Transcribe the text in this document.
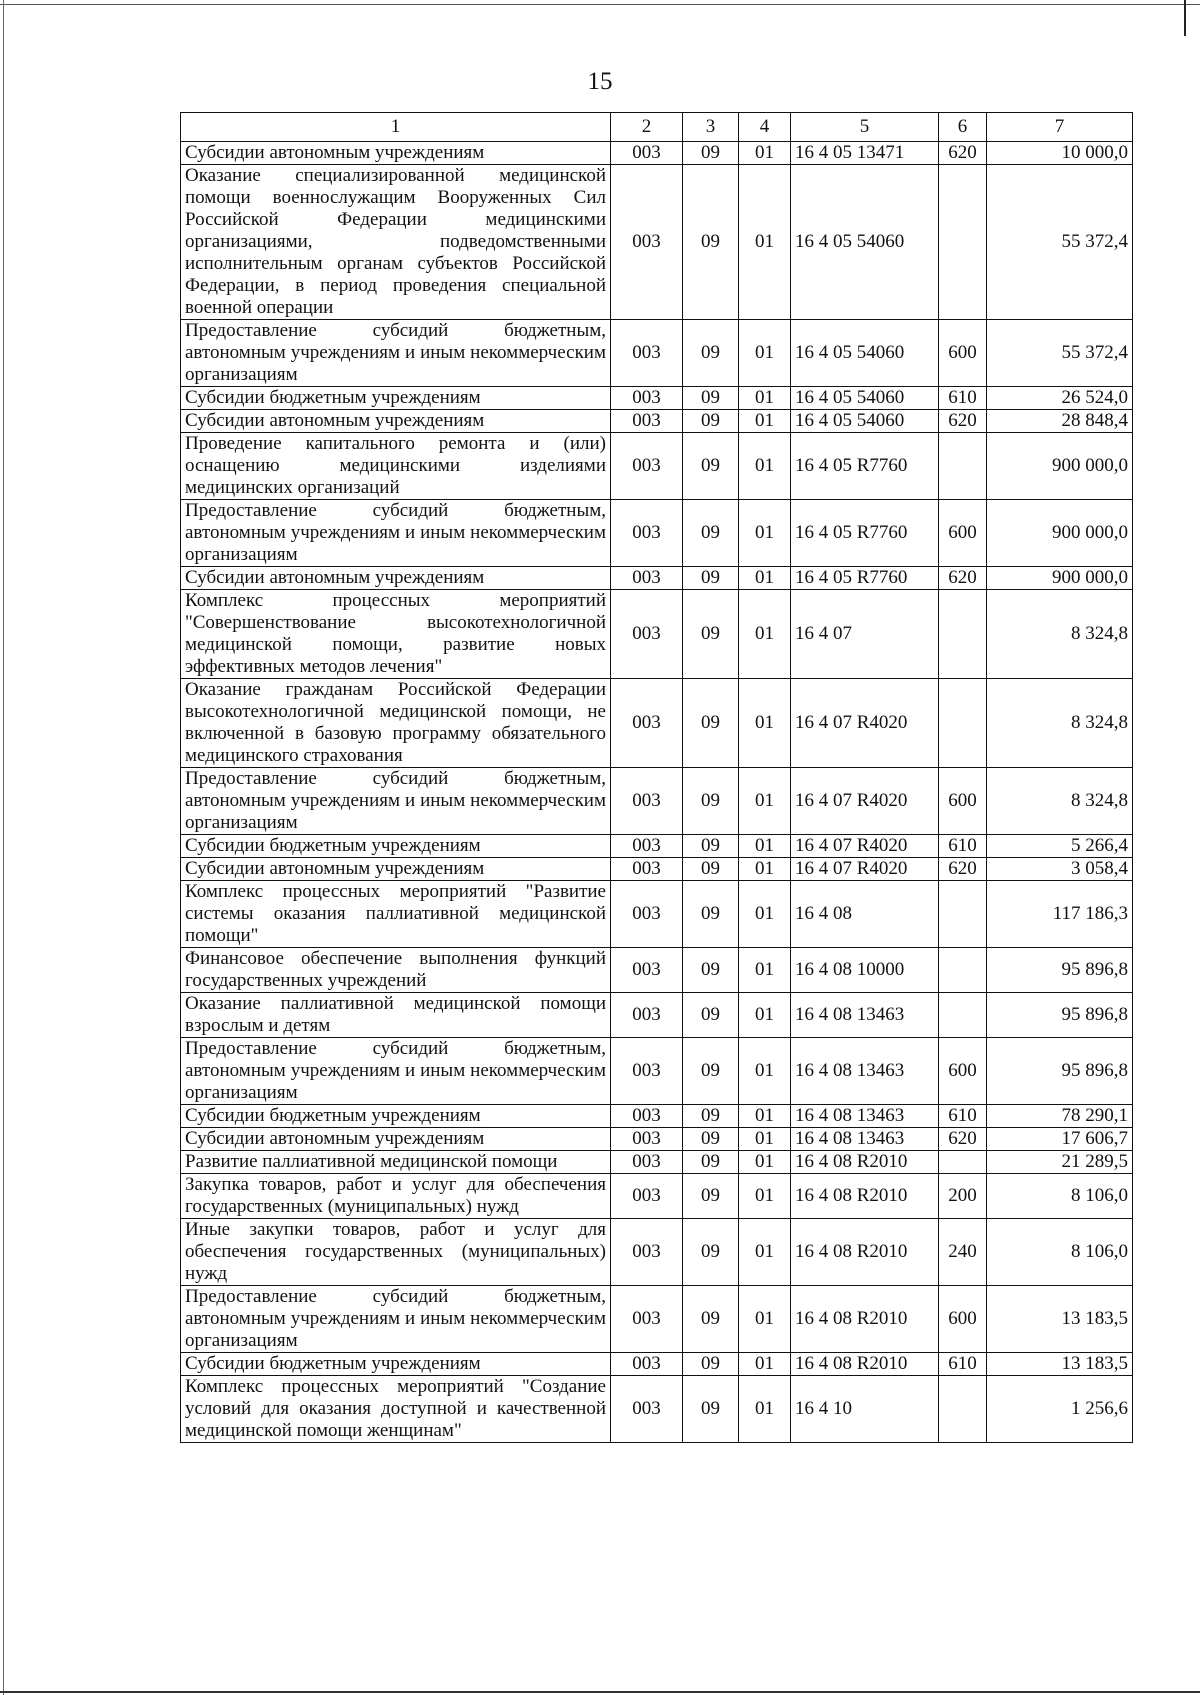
15
1	2	3	4	5	6	7
Субсидии автономным учреждениям	003	09	01	16 4 05 13471	620	10 000,0
Оказание специализированной медицинской помощи военнослужащим Вооруженных Сил Российской Федерации медицинскими организациями, подведомственными исполнительным органам субъектов Российской Федерации, в период проведения специальной военной операции	003	09	01	16 4 05 54060		55 372,4
Предоставление субсидий бюджетным, автономным учреждениям и иным некоммерческим организациям	003	09	01	16 4 05 54060	600	55 372,4
Субсидии бюджетным учреждениям	003	09	01	16 4 05 54060	610	26 524,0
Субсидии автономным учреждениям	003	09	01	16 4 05 54060	620	28 848,4
Проведение капитального ремонта и (или) оснащению медицинскими изделиями медицинских организаций	003	09	01	16 4 05 R7760		900 000,0
Предоставление субсидий бюджетным, автономным учреждениям и иным некоммерческим организациям	003	09	01	16 4 05 R7760	600	900 000,0
Субсидии автономным учреждениям	003	09	01	16 4 05 R7760	620	900 000,0
Комплекс процессных мероприятий "Совершенствование высокотехнологичной медицинской помощи, развитие новых эффективных методов лечения"	003	09	01	16 4 07		8 324,8
Оказание гражданам Российской Федерации высокотехнологичной медицинской помощи, не включенной в базовую программу обязательного медицинского страхования	003	09	01	16 4 07 R4020		8 324,8
Предоставление субсидий бюджетным, автономным учреждениям и иным некоммерческим организациям	003	09	01	16 4 07 R4020	600	8 324,8
Субсидии бюджетным учреждениям	003	09	01	16 4 07 R4020	610	5 266,4
Субсидии автономным учреждениям	003	09	01	16 4 07 R4020	620	3 058,4
Комплекс процессных мероприятий "Развитие системы оказания паллиативной медицинской помощи"	003	09	01	16 4 08		117 186,3
Финансовое обеспечение выполнения функций государственных учреждений	003	09	01	16 4 08 10000		95 896,8
Оказание паллиативной медицинской помощи взрослым и детям	003	09	01	16 4 08 13463		95 896,8
Предоставление субсидий бюджетным, автономным учреждениям и иным некоммерческим организациям	003	09	01	16 4 08 13463	600	95 896,8
Субсидии бюджетным учреждениям	003	09	01	16 4 08 13463	610	78 290,1
Субсидии автономным учреждениям	003	09	01	16 4 08 13463	620	17 606,7
Развитие паллиативной медицинской помощи	003	09	01	16 4 08 R2010		21 289,5
Закупка товаров, работ и услуг для обеспечения государственных (муниципальных) нужд	003	09	01	16 4 08 R2010	200	8 106,0
Иные закупки товаров, работ и услуг для обеспечения государственных (муниципальных) нужд	003	09	01	16 4 08 R2010	240	8 106,0
Предоставление субсидий бюджетным, автономным учреждениям и иным некоммерческим организациям	003	09	01	16 4 08 R2010	600	13 183,5
Субсидии бюджетным учреждениям	003	09	01	16 4 08 R2010	610	13 183,5
Комплекс процессных мероприятий "Создание условий для оказания доступной и качественной медицинской помощи женщинам"	003	09	01	16 4 10		1 256,6
